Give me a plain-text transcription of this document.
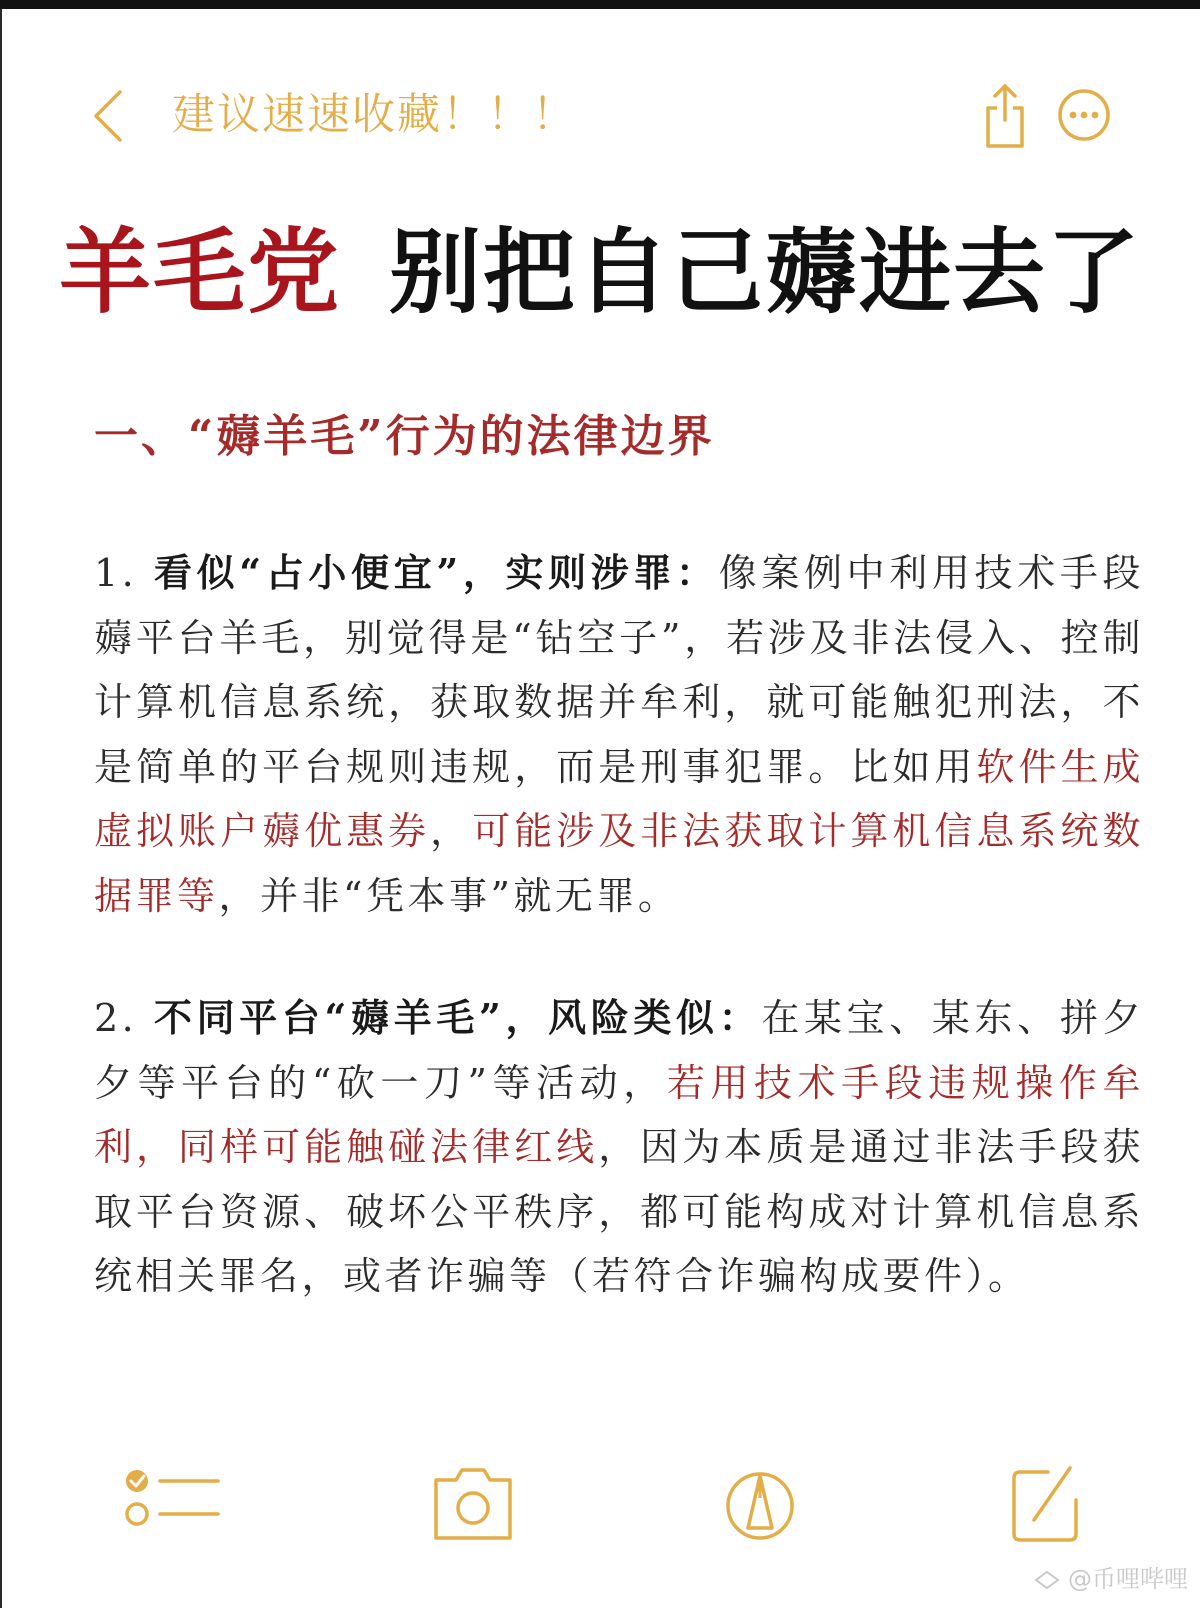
建议速速收藏！！！
羊毛党 别把自己薅进去了
一、“薅羊毛”行为的法律边界
1. 看似“占小便宜”，实则涉罪：像案例中利用技术手段薅平台羊毛，别觉得是“钻空子”，若涉及非法侵入、控制计算机信息系统，获取数据并牟利，就可能触犯刑法，不是简单的平台规则违规，而是刑事犯罪。比如用软件生成虚拟账户薅优惠券，可能涉及非法获取计算机信息系统数据罪等，并非“凭本事”就无罪。
2. 不同平台“薅羊毛”，风险类似：在某宝、某东、拼夕夕等平台的“砍一刀”等活动，若用技术手段违规操作牟利，同样可能触碰法律红线，因为本质是通过非法手段获取平台资源、破坏公平秩序，都可能构成对计算机信息系统相关罪名，或者诈骗等（若符合诈骗构成要件）。
@币哩哔哩
